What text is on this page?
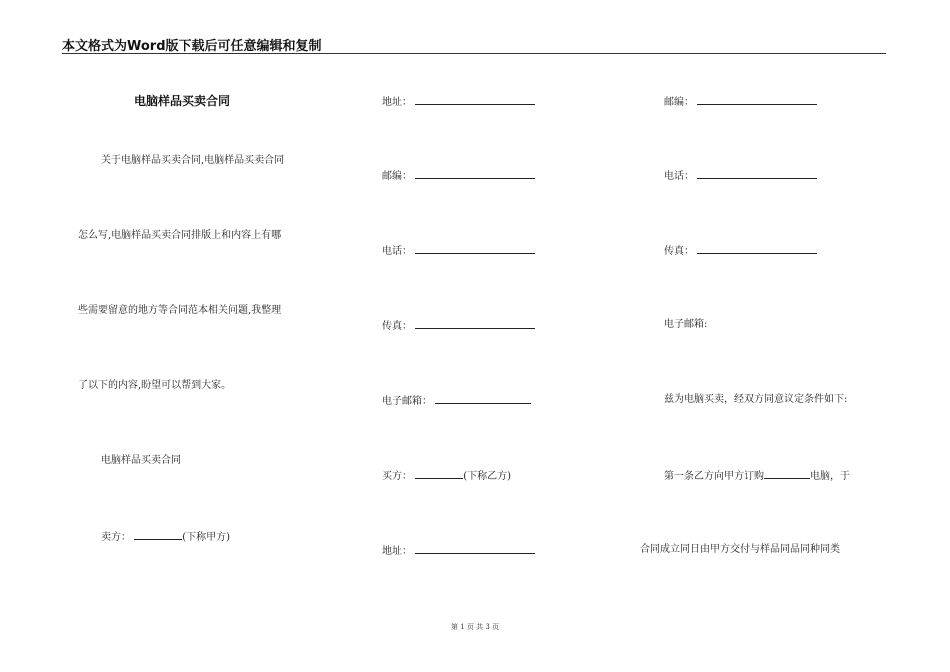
本文格式为Word版下载后可任意编辑和复制
电脑样品买卖合同
关于电脑样品买卖合同,电脑样品买卖合同
怎么写,电脑样品买卖合同排版上和内容上有哪
些需要留意的地方等合同范本相关问题,我整理
了以下的内容,盼望可以帮到大家。
电脑样品买卖合同
卖方：	(下称甲方)
地址：
邮编：
电话：
传真：
电子邮箱：
买方：	(下称乙方)
地址：
邮编：
电话：
传真：
电子邮箱:
兹为电脑买卖，经双方同意议定条件如下:
第一条乙方向甲方订购	电脑，于
合同成立同日由甲方交付与样品同品同种同类
第 1 页 共 3 页
